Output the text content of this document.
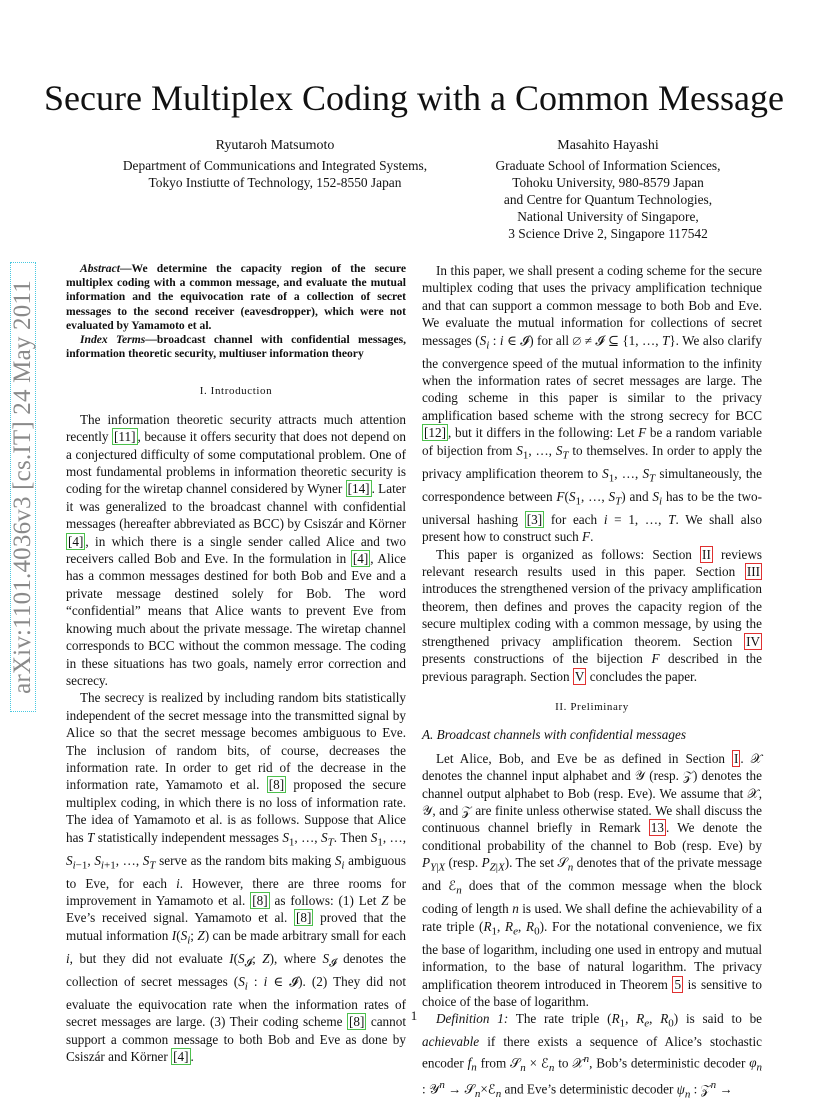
arXiv:1101.4036v3 [cs.IT] 24 May 2011
Secure Multiplex Coding with a Common Message
Ryutaroh Matsumoto
Department of Communications and Integrated Systems,
Tokyo Instiutte of Technology, 152-8550 Japan
Masahito Hayashi
Graduate School of Information Sciences,
Tohoku University, 980-8579 Japan
and Centre for Quantum Technologies,
National University of Singapore,
3 Science Drive 2, Singapore 117542

Abstract—We determine the capacity region of the secure multiplex coding with a common message, and evaluate the mutual information and the equivocation rate of a collection of secret messages to the second receiver (eavesdropper), which were not evaluated by Yamamoto et al.

Index Terms—broadcast channel with confidential messages, information theoretic security, multiuser information theory

I. Introduction

The information theoretic security attracts much attention recently [11] , because it offers security that does not depend on a conjectured difficulty of some computational problem. One of most fundamental problems in information theoretic security is coding for the wiretap channel considered by Wyner [14] . Later it was generalized to the broadcast channel with confidential messages (hereafter abbreviated as BCC) by Csiszár and Körner [4] , in which there is a single sender called Alice and two receivers called Bob and Eve. In the formulation in [4] , Alice has a common messages destined for both Bob and Eve and a private message destined solely for Bob. The word “confidential” means that Alice wants to prevent Eve from knowing much about the private message. The wiretap channel corresponds to BCC without the common message. The coding in these situations has two goals, namely error correction and secrecy.

The secrecy is realized by including random bits statistically independent of the secret message into the transmitted signal by Alice so that the secret message becomes ambiguous to Eve. The inclusion of random bits, of course, decreases the information rate. In order to get rid of the decrease in the information rate, Yamamoto et al. [8] proposed the secure multiplex coding, in which there is no loss of information rate. The idea of Yamamoto et al. is as follows. Suppose that Alice has T statistically independent messages $S_1$, …, $S_T$. Then $S_1$, …, $S_{i-1}$, $S_{i+1}$, …, $S_T$ serve as the random bits making $S_i$ ambiguous to Eve, for each i. However, there are three rooms for improvement in Yamamoto et al. [8] as follows: (1) Let Z be Eve’s received signal. Yamamoto et al. [8] proved that the mutual information $I(S_i$; Z) can be made arbitrary small for each i, but they did not evaluate $I(S_𝓘$; Z), where $S_𝓘$ denotes the collection of secret messages ($S_i$ : i ∈ 𝓘). (2) They did not evaluate the equivocation rate when the information rates of secret messages are large. (3) Their coding scheme [8] cannot support a common message to both Bob and Eve as done by Csiszár and Körner [4] .

In this paper, we shall present a coding scheme for the secure multiplex coding that uses the privacy amplification technique and that can support a common message to both Bob and Eve. We evaluate the mutual information for collections of secret messages ($S_i$ : i ∈ 𝓘) for all ∅ ≠ 𝓘 ⊆ {1, …, T}. We also clarify the convergence speed of the mutual information to the infinity when the information rates of secret messages are large. The coding scheme in this paper is similar to the privacy amplification based scheme with the strong secrecy for BCC [12] , but it differs in the following: Let F be a random variable of bijection from $S_1$, …, $S_T$ to themselves. In order to apply the privacy amplification theorem to $S_1$, …, $S_T$ simultaneously, the correspondence between $F(S_1$, …, $S_T$) and $S_i$ has to be the two-universal hashing [3] for each i = 1, …, T. We shall also present how to construct such F.

This paper is organized as follows: Section II reviews relevant research results used in this paper. Section III introduces the strengthened version of the privacy amplification theorem, then defines and proves the capacity region of the secure multiplex coding with a common message, by using the strengthened privacy amplification theorem. Section IV presents constructions of the bijection F described in the previous paragraph. Section V concludes the paper.

II. Preliminary
A. Broadcast channels with confidential messages

Let Alice, Bob, and Eve be as defined in Section I . 𝒳 denotes the channel input alphabet and 𝒴 (resp. 𝒵) denotes the channel output alphabet to Bob (resp. Eve). We assume that 𝒳, 𝒴, and 𝒵 are finite unless otherwise stated. We shall discuss the continuous channel briefly in Remark 13 . We denote the conditional probability of the channel to Bob (resp. Eve) by $P_{Y|X}$ (resp. $P_{Z|X}$). The set 𝒮$_n$ denotes that of the private message and ℰ$_n$ does that of the common message when the block coding of length n is used. We shall define the achievability of a rate triple ($R_1$, $R_e$, $R_0$). For the notational convenience, we fix the base of logarithm, including one used in entropy and mutual information, to the base of natural logarithm. The privacy amplification theorem introduced in Theorem 5 is sensitive to choice of the base of logarithm.

Definition 1: The rate triple ($R_1$, $R_e$, $R_0$) is said to be achievable if there exists a sequence of Alice’s stochastic encoder $f_n$ from 𝒮$_n$ × ℰ$_n$ to 𝒳$^n$, Bob’s deterministic decoder $\varphi_n$ : 𝒴$^n$ → 𝒮$_n$×ℰ$_n$ and Eve’s deterministic decoder $\psi_n$ : 𝒵$^n$ →

1
